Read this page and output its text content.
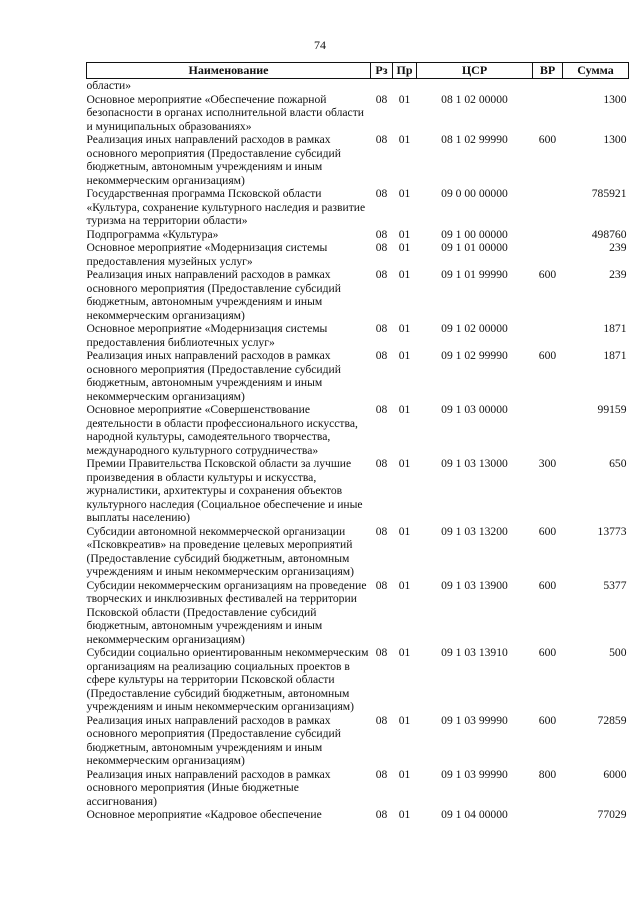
74
Наименование	Рз	Пр	ЦСР	ВР	Сумма
области»					
Основное мероприятие «Обеспечение пожарной безопасности в органах исполнительной власти области и муниципальных образованиях»	08	01	08 1 02 00000		1300
Реализация иных направлений расходов в рамках основного мероприятия (Предоставление субсидий бюджетным, автономным учреждениям и иным некоммерческим организациям)	08	01	08 1 02 99990	600	1300
Государственная программа Псковской области «Культура, сохранение культурного наследия и развитие туризма на территории области»	08	01	09 0 00 00000		785921
Подпрограмма «Культура»	08	01	09 1 00 00000		498760
Основное мероприятие «Модернизация системы предоставления музейных услуг»	08	01	09 1 01 00000		239
Реализация иных направлений расходов в рамках основного мероприятия (Предоставление субсидий бюджетным, автономным учреждениям и иным некоммерческим организациям)	08	01	09 1 01 99990	600	239
Основное мероприятие «Модернизация системы предоставления библиотечных услуг»	08	01	09 1 02 00000		1871
Реализация иных направлений расходов в рамках основного мероприятия (Предоставление субсидий бюджетным, автономным учреждениям и иным некоммерческим организациям)	08	01	09 1 02 99990	600	1871
Основное мероприятие «Совершенствование деятельности в области профессионального искусства, народной культуры, самодеятельного творчества, международного культурного сотрудничества»	08	01	09 1 03 00000		99159
Премии Правительства Псковской области за лучшие произведения в области культуры и искусства, журналистики, архитектуры и сохранения объектов культурного наследия (Социальное обеспечение и иные выплаты населению)	08	01	09 1 03 13000	300	650
Субсидии автономной некоммерческой организации «Псковкреатив» на проведение целевых мероприятий (Предоставление субсидий бюджетным, автономным учреждениям и иным некоммерческим организациям)	08	01	09 1 03 13200	600	13773
Субсидии некоммерческим организациям на проведение творческих и инклюзивных фестивалей на территории Псковской области (Предоставление субсидий бюджетным, автономным учреждениям и иным некоммерческим организациям)	08	01	09 1 03 13900	600	5377
Субсидии социально ориентированным некоммерческим организациям на реализацию социальных проектов в сфере культуры на территории Псковской области (Предоставление субсидий бюджетным, автономным учреждениям и иным некоммерческим организациям)	08	01	09 1 03 13910	600	500
Реализация иных направлений расходов в рамках основного мероприятия (Предоставление субсидий бюджетным, автономным учреждениям и иным некоммерческим организациям)	08	01	09 1 03 99990	600	72859
Реализация иных направлений расходов в рамках основного мероприятия (Иные бюджетные ассигнования)	08	01	09 1 03 99990	800	6000
Основное мероприятие «Кадровое обеспечение	08	01	09 1 04 00000		77029
